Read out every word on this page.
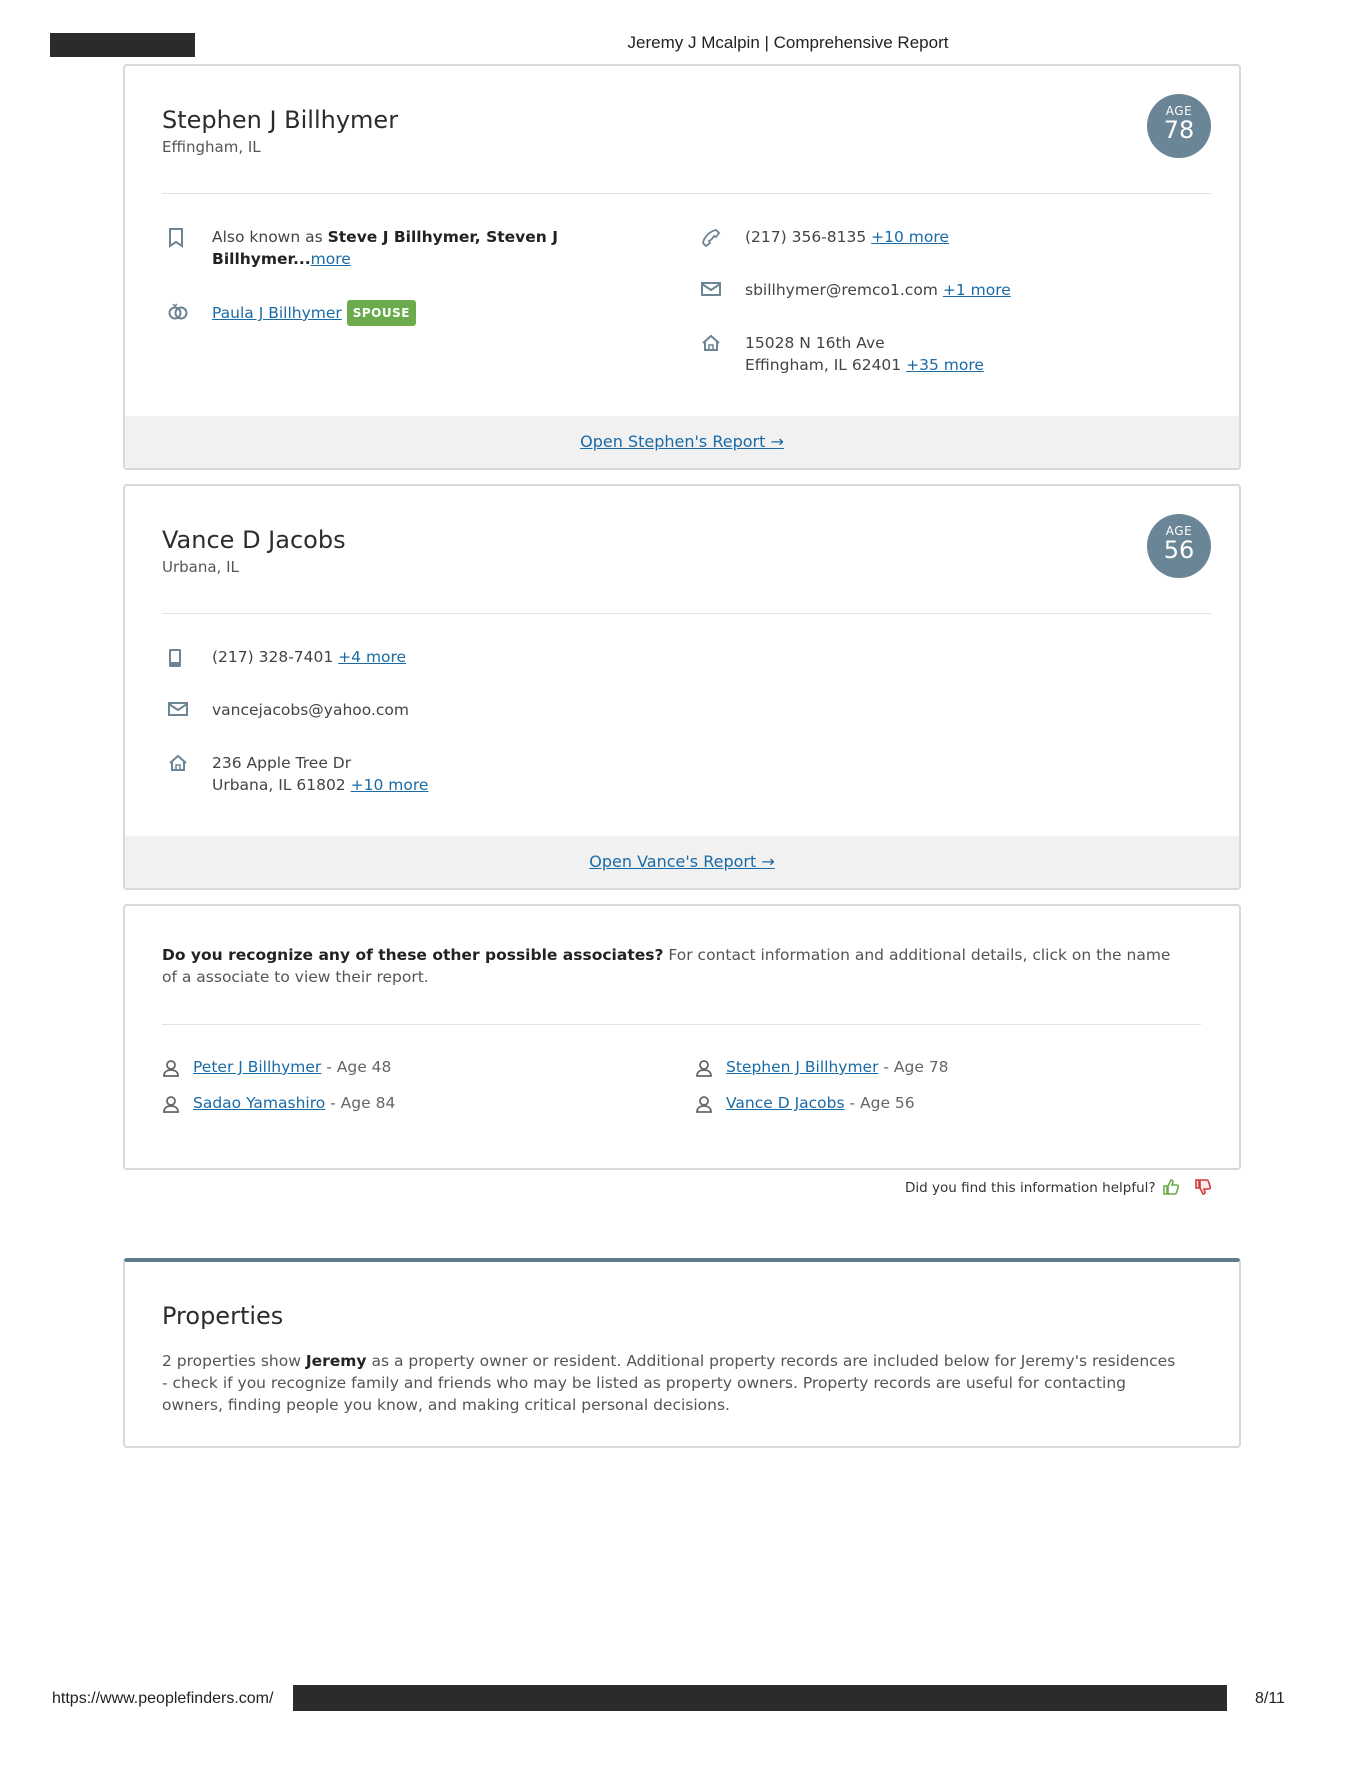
Jeremy J Mcalpin | Comprehensive Report
Stephen J Billhymer
Effingham, IL
AGE
78
Also known as Steve J Billhymer, Steven J
Billhymer...more
Paula J Billhymer SPOUSE
(217) 356-8135 +10 more
sbillhymer@remco1.com +1 more
15028 N 16th Ave
Effingham, IL 62401 +35 more
Open Stephen's Report →
Vance D Jacobs
Urbana, IL
AGE
56
(217) 328-7401 +4 more
vancejacobs@yahoo.com
236 Apple Tree Dr
Urbana, IL 61802 +10 more
Open Vance's Report →
Do you recognize any of these other possible associates? For contact information and additional details, click on the name of a associate to view their report.
Peter J Billhymer - Age 48	Stephen J Billhymer - Age 78
Sadao Yamashiro - Age 84	Vance D Jacobs - Age 56
Did you find this information helpful?
Properties

2 properties show Jeremy as a property owner or resident. Additional property records are included below for Jeremy's residences - check if you recognize family and friends who may be listed as property owners. Property records are useful for contacting owners, finding people you know, and making critical personal decisions.

https://www.peoplefinders.com/	8/11
